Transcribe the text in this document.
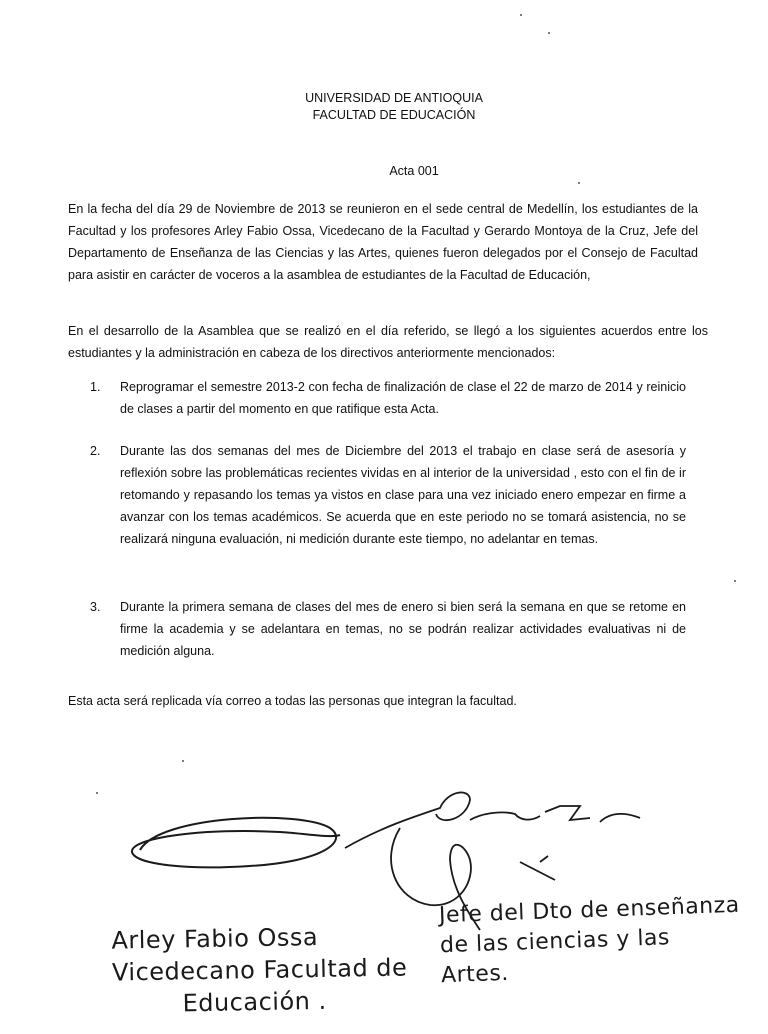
UNIVERSIDAD DE ANTIOQUIA
FACULTAD DE EDUCACIÓN
Acta 001
En la fecha del día 29 de Noviembre de 2013 se reunieron en el sede central de Medellín, los estudiantes de la Facultad y los profesores Arley Fabio Ossa, Vicedecano de la Facultad y Gerardo Montoya de la Cruz, Jefe del Departamento de Enseñanza de las Ciencias y las Artes, quienes fueron delegados por el Consejo de Facultad para asistir en carácter de voceros a la asamblea de estudiantes de la Facultad de Educación,
En el desarrollo de la Asamblea que se realizó en el día referido, se llegó a los siguientes acuerdos entre los estudiantes y la administración en cabeza de los directivos anteriormente mencionados:
1.	Reprogramar el semestre 2013-2 con fecha de finalización de clase el 22 de marzo de 2014 y reinicio de clases a partir del momento en que ratifique esta Acta.
2.	Durante las dos semanas del mes de Diciembre del 2013 el trabajo en clase será de asesoría y reflexión sobre las problemáticas recientes vividas en al interior de la universidad , esto con el fin de ir retomando y repasando los temas ya vistos en clase para una vez iniciado enero empezar en firme a avanzar con los temas académicos. Se acuerda que en este periodo no se tomará asistencia, no se realizará ninguna evaluación, ni medición durante este tiempo, no adelantar en temas.
3.	Durante la primera semana de clases del mes de enero si bien será la semana en que se retome en firme la academia y se adelantara en temas, no se podrán realizar actividades evaluativas ni de medición alguna.
Esta acta será replicada vía correo a todas las personas que integran la facultad.
Arley Fabio Ossa
Vicedecano Facultad de
Educación .
Jefe del Dto de enseñanza
de las ciencias y las
Artes.
